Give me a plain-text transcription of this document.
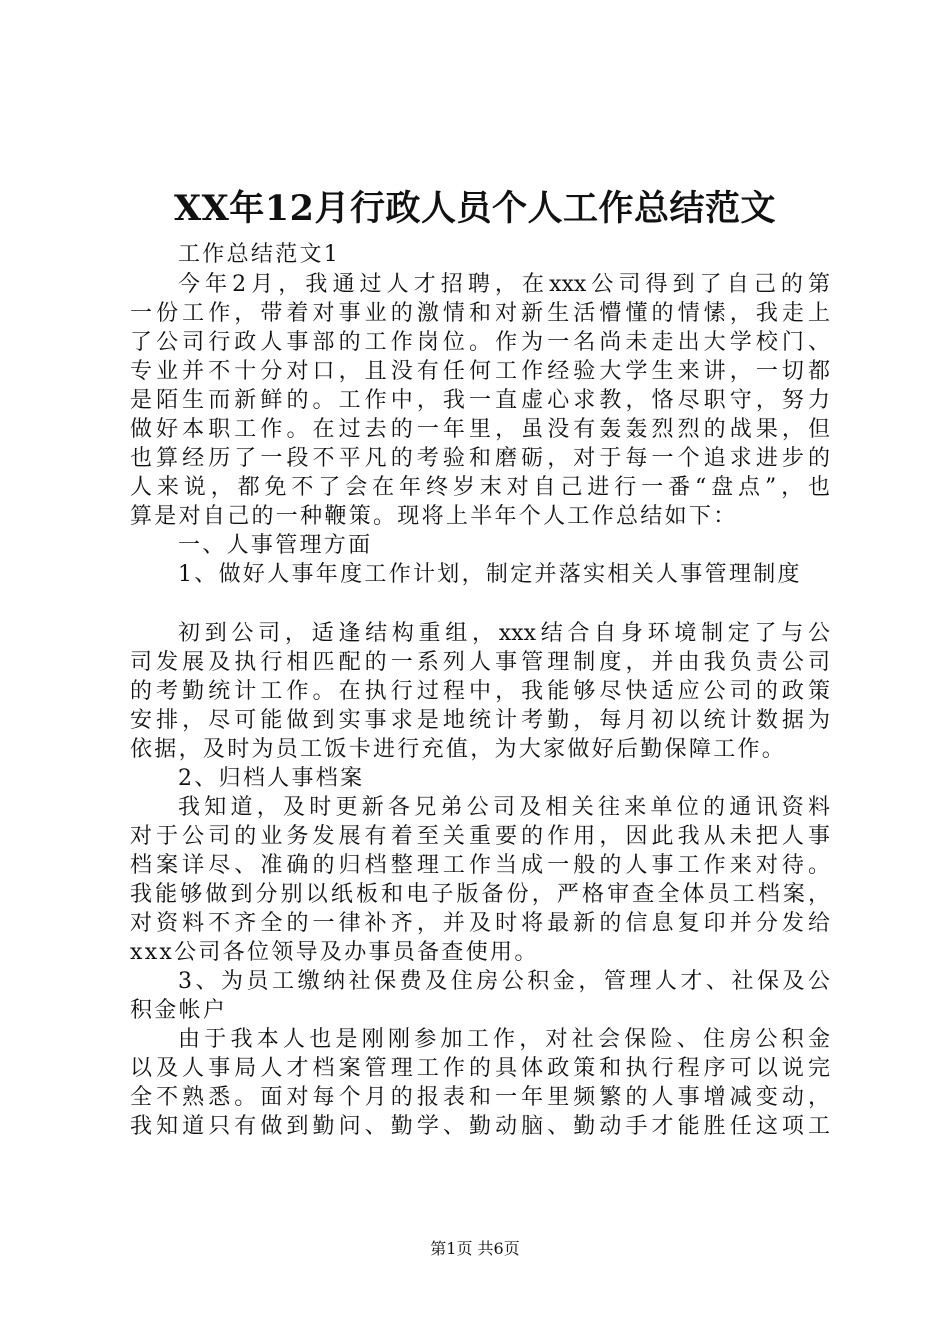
XX年12月行政人员个人工作总结范文
工作总结范文1
今年2月，我通过人才招聘，在xxx公司得到了自己的第
一份工作，带着对事业的激情和对新生活懵懂的情愫，我走上
了公司行政人事部的工作岗位。作为一名尚未走出大学校门、
专业并不十分对口，且没有任何工作经验大学生来讲，一切都
是陌生而新鲜的。工作中，我一直虚心求教，恪尽职守，努力
做好本职工作。在过去的一年里，虽没有轰轰烈烈的战果，但
也算经历了一段不平凡的考验和磨砺，对于每一个追求进步的
人来说，都免不了会在年终岁末对自己进行一番“盘点”，也
算是对自己的一种鞭策。现将上半年个人工作总结如下：
一、人事管理方面
1、做好人事年度工作计划，制定并落实相关人事管理制度
初到公司，适逢结构重组，xxx结合自身环境制定了与公
司发展及执行相匹配的一系列人事管理制度，并由我负责公司
的考勤统计工作。在执行过程中，我能够尽快适应公司的政策
安排，尽可能做到实事求是地统计考勤，每月初以统计数据为
依据，及时为员工饭卡进行充值，为大家做好后勤保障工作。
2、归档人事档案
我知道，及时更新各兄弟公司及相关往来单位的通讯资料
对于公司的业务发展有着至关重要的作用，因此我从未把人事
档案详尽、准确的归档整理工作当成一般的人事工作来对待。
我能够做到分别以纸板和电子版备份，严格审查全体员工档案，
对资料不齐全的一律补齐，并及时将最新的信息复印并分发给
xxx公司各位领导及办事员备查使用。
3、为员工缴纳社保费及住房公积金，管理人才、社保及公
积金帐户
由于我本人也是刚刚参加工作，对社会保险、住房公积金
以及人事局人才档案管理工作的具体政策和执行程序可以说完
全不熟悉。面对每个月的报表和一年里频繁的人事增减变动，
我知道只有做到勤问、勤学、勤动脑、勤动手才能胜任这项工
第1页 共6页
